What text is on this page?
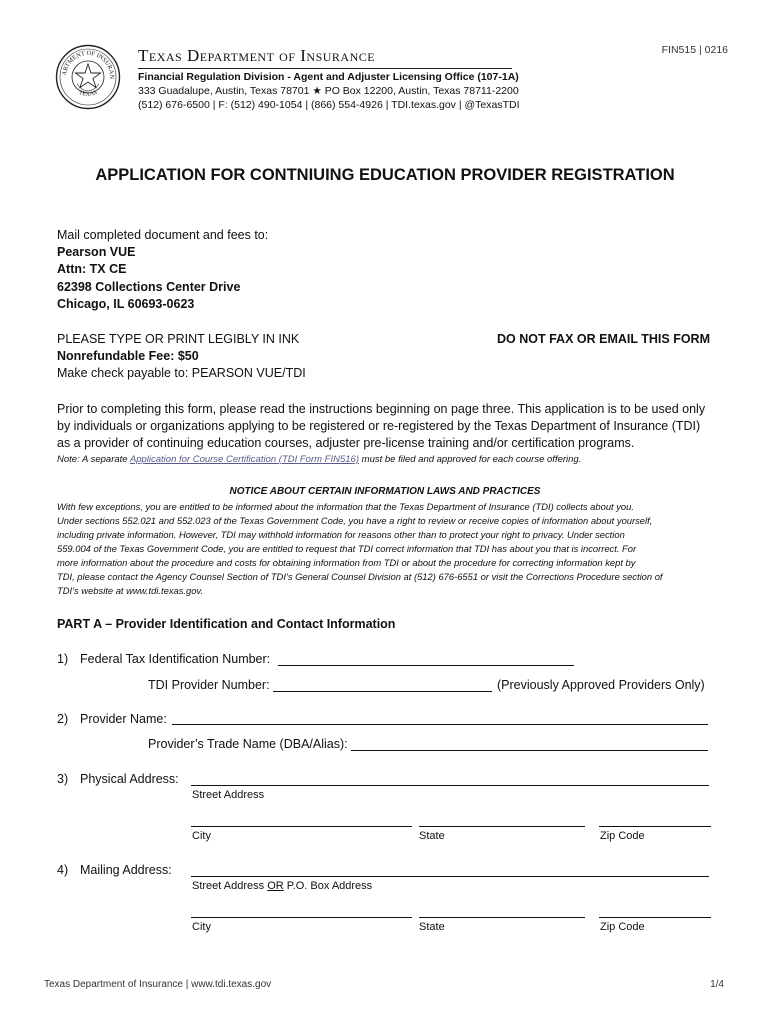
FIN515 | 0216
ARTMENT OF INSURAN
TEXAS
Texas Department of Insurance
Financial Regulation Division - Agent and Adjuster Licensing Office (107-1A)
333 Guadalupe, Austin, Texas 78701 ★ PO Box 12200, Austin, Texas 78711-2200
(512) 676-6500 | F: (512) 490-1054 | (866) 554-4926 | TDI.texas.gov | @TexasTDI
APPLICATION FOR CONTNIUING EDUCATION PROVIDER REGISTRATION
Mail completed document and fees to:
Pearson VUE
Attn: TX CE
62398 Collections Center Drive
Chicago, IL 60693-0623
PLEASE TYPE OR PRINT LEGIBLY IN INK	DO NOT FAX OR EMAIL THIS FORM
Nonrefundable Fee: $50
Make check payable to: PEARSON VUE/TDI
Prior to completing this form, please read the instructions beginning on page three. This application is to be used only
by individuals or organizations applying to be registered or re-registered by the Texas Department of Insurance (TDI)
as a provider of continuing education courses, adjuster pre-license training and/or certification programs.
Note: A separate Application for Course Certification (TDI Form FIN516) must be filed and approved for each course offering.
NOTICE ABOUT CERTAIN INFORMATION LAWS AND PRACTICES
With few exceptions, you are entitled to be informed about the information that the Texas Department of Insurance (TDI) collects about you.
Under sections 552.021 and 552.023 of the Texas Government Code, you have a right to review or receive copies of information about yourself,
including private information. However, TDI may withhold information for reasons other than to protect your right to privacy. Under section
559.004 of the Texas Government Code, you are entitled to request that TDI correct information that TDI has about you that is incorrect. For
more information about the procedure and costs for obtaining information from TDI or about the procedure for correcting information kept by
TDI, please contact the Agency Counsel Section of TDI’s General Counsel Division at (512) 676-6551 or visit the Corrections Procedure section of
TDI’s website at www.tdi.texas.gov.
PART A – Provider Identification and Contact Information
1) Federal Tax Identification Number:
TDI Provider Number:	(Previously Approved Providers Only)
2) Provider Name:
Provider’s Trade Name (DBA/Alias):
3) Physical Address:
Street Address
City	State	Zip Code
4) Mailing Address:
Street Address OR P.O. Box Address
City	State	Zip Code
Texas Department of Insurance | www.tdi.texas.gov	1/4
